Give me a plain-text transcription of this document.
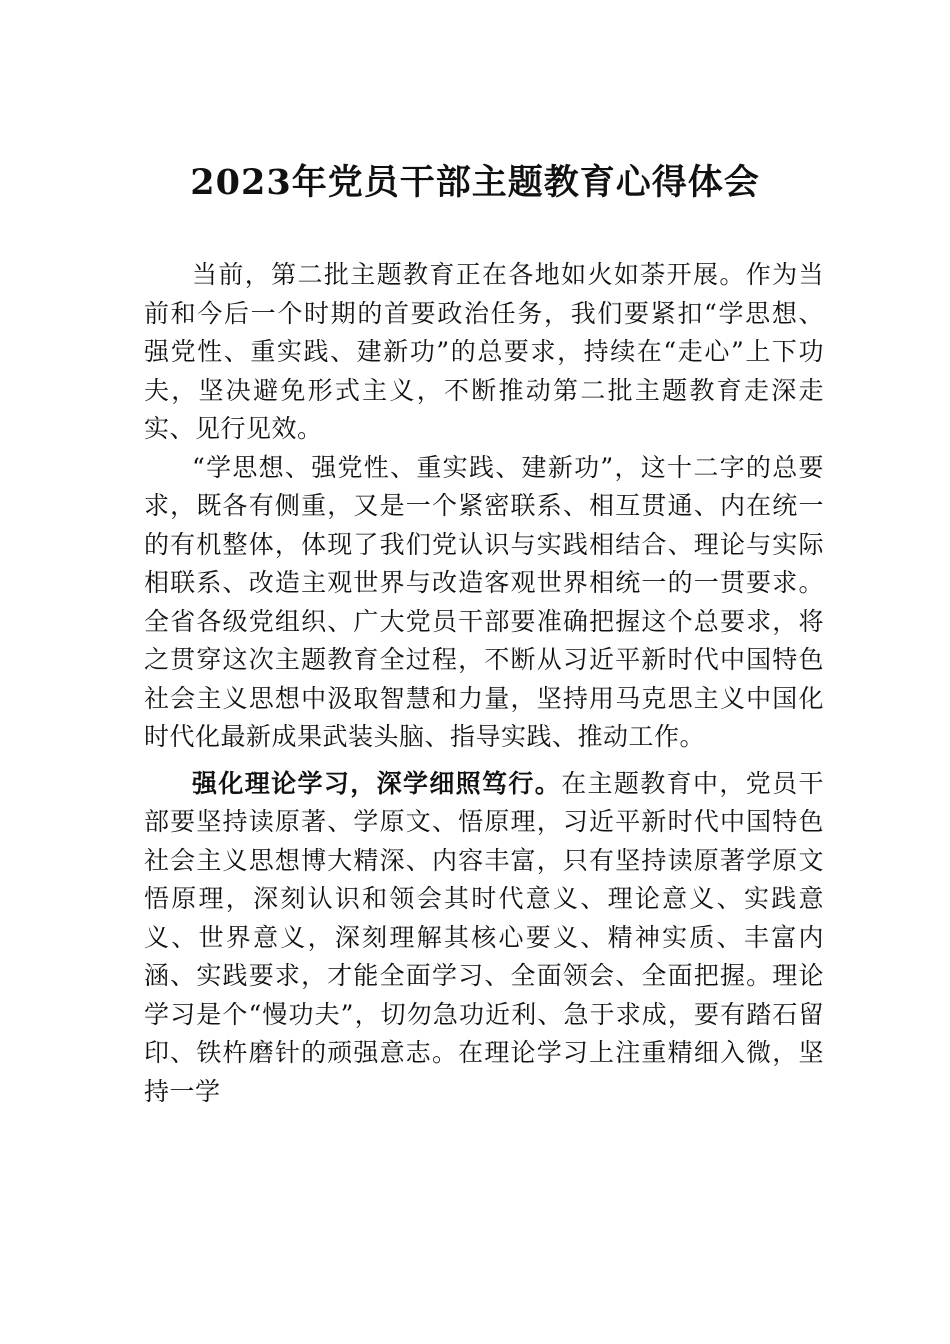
2023年党员干部主题教育心得体会

当前，第二批主题教育正在各地如火如荼开展。作为当前和今后一个时期的首要政治任务，我们要紧扣“学思想、 强党性、重实践、建新功”的总要求，持续在“走心”上下功夫，坚决避免形式主义，不断推动第二批主题教育走深走实、见行见效。

“学思想、强党性、重实践、建新功”，这十二字的总要求，既各有侧重，又是一个紧密联系、相互贯通、内在统一的有机整体，体现了我们党认识与实践相结合、理论与实际相联系、改造主观世界与改造客观世界相统一的一贯要求。 全省各级党组织、广大党员干部要准确把握这个总要求，将之贯穿这次主题教育全过程，不断从习近平新时代中国特色社会主义思想中汲取智慧和力量，坚持用马克思主义中国化时代化最新成果武装头脑、指导实践、推动工作。

强化理论学习，深学细照笃行。在主题教育中，党员干部要坚持读原著、学原文、悟原理，习近平新时代中国特色社会主义思想博大精深、内容丰富，只有坚持读原著学原文悟原理，深刻认识和领会其时代意义、理论意义、实践意义、世界意义，深刻理解其核心要义、精神实质、丰富内涵、实践要求，才能全面学习、全面领会、全面把握。理论学习是个“慢功夫”，切勿急功近利、急于求成，要有踏石留印、铁杵磨针的顽强意志。在理论学习上注重精细入微，坚持一学
